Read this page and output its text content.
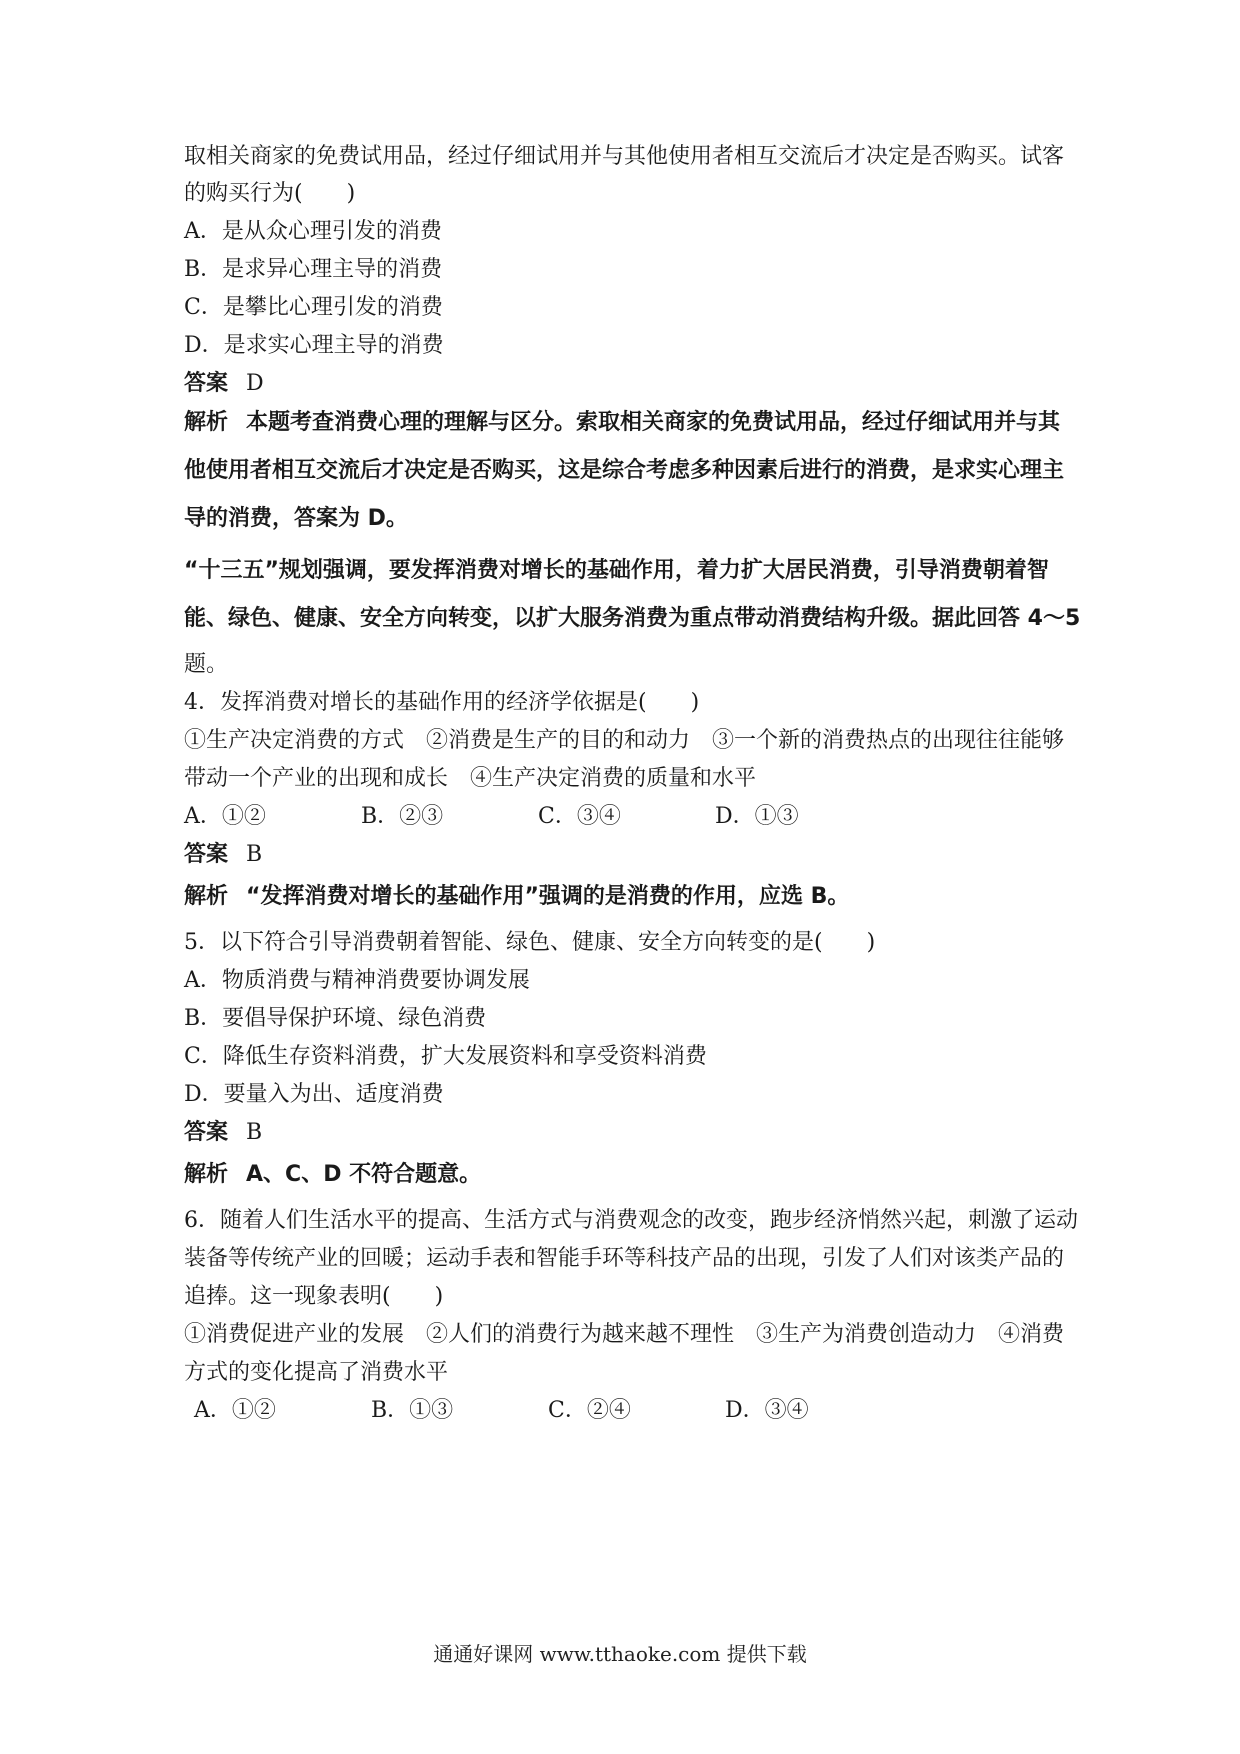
取相关商家的免费试用品，经过仔细试用并与其他使用者相互交流后才决定是否购买。试客

的购买行为(　　)

A．是从众心理引发的消费

B．是求异心理主导的消费

C．是攀比心理引发的消费

D．是求实心理主导的消费

答案 D

解析 本题考查消费心理的理解与区分。索取相关商家的免费试用品，经过仔细试用并与其

他使用者相互交流后才决定是否购买，这是综合考虑多种因素后进行的消费，是求实心理主

导的消费，答案为 D。

“十三五”规划强调，要发挥消费对增长的基础作用，着力扩大居民消费，引导消费朝着智

能、绿色、健康、安全方向转变，以扩大服务消费为重点带动消费结构升级。据此回答 4～5

题。

4．发挥消费对增长的基础作用的经济学依据是(　　)

①生产决定消费的方式　②消费是生产的目的和动力　③一个新的消费热点的出现往往能够

带动一个产业的出现和成长　④生产决定消费的质量和水平

A．①②	B．②③	C．③④	D．①③

答案 B

解析 “发挥消费对增长的基础作用”强调的是消费的作用，应选 B。

5．以下符合引导消费朝着智能、绿色、健康、安全方向转变的是(　　)

A．物质消费与精神消费要协调发展

B．要倡导保护环境、绿色消费

C．降低生存资料消费，扩大发展资料和享受资料消费

D．要量入为出、适度消费

答案 B

解析 A、C、D 不符合题意。

6．随着人们生活水平的提高、生活方式与消费观念的改变，跑步经济悄然兴起，刺激了运动

装备等传统产业的回暖；运动手表和智能手环等科技产品的出现，引发了人们对该类产品的

追捧。这一现象表明(　　)

①消费促进产业的发展　②人们的消费行为越来越不理性　③生产为消费创造动力　④消费

方式的变化提高了消费水平

A．①②	B．①③	C．②④	D．③④
通通好课网 www.tthaoke.com 提供下载
